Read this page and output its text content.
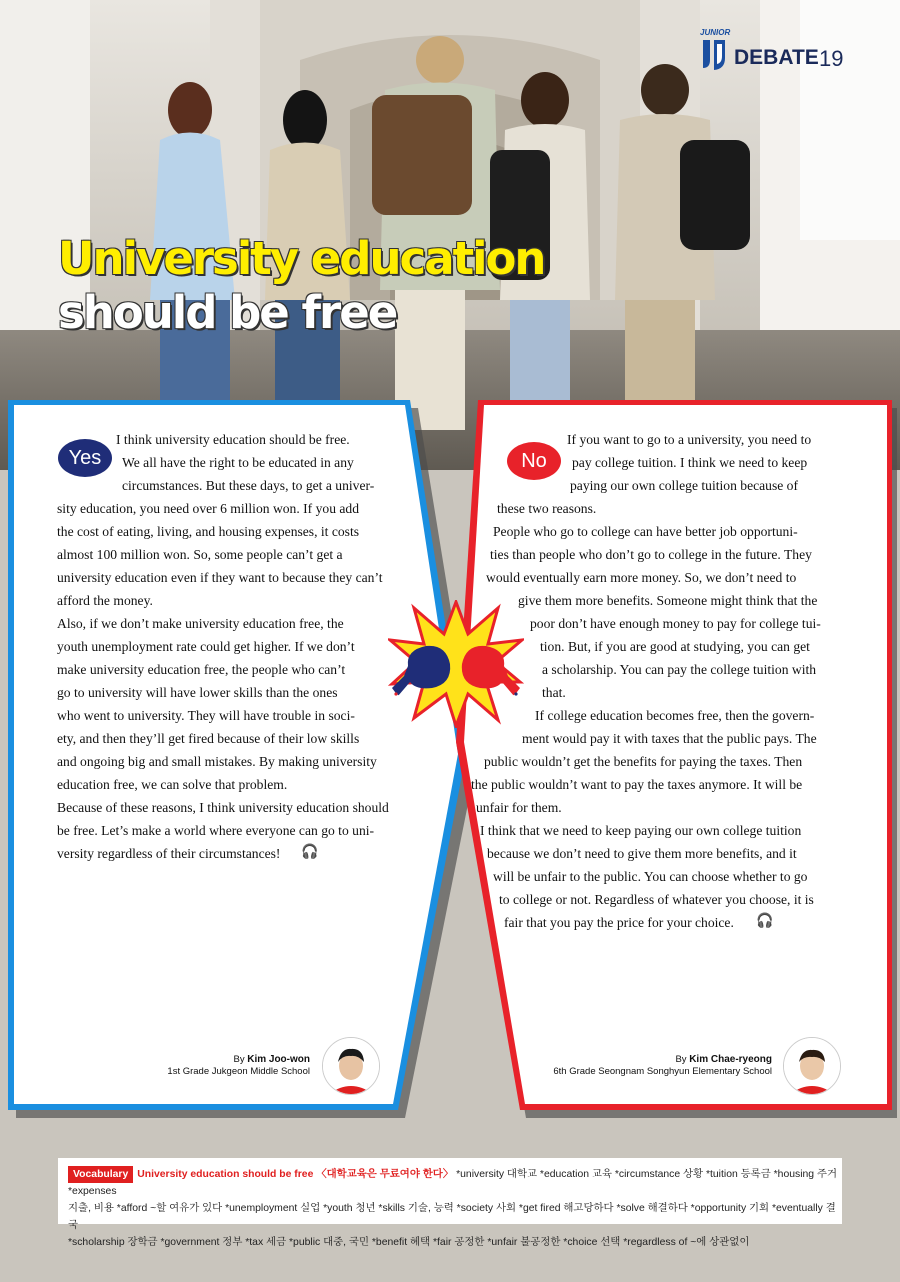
JUNIOR
DEBATE 19
University education
should be free
Yes	No
I think university education should be free.
We all have the right to be educated in any
circumstances. But these days, to get a univer-
sity education, you need over 6 million won. If you add
the cost of eating, living, and housing expenses, it costs
almost 100 million won. So, some people can’t get a
university education even if they want to because they can’t
afford the money.
Also, if we don’t make university education free, the
youth unemployment rate could get higher. If we don’t
make university education free, the people who can’t
go to university will have lower skills than the ones
who went to university. They will have trouble in soci-
ety, and then they’ll get fired because of their low skills
and ongoing big and small mistakes. By making university
education free, we can solve that problem.
Because of these reasons, I think university education should
be free. Let’s make a world where everyone can go to uni-
versity regardless of their circumstances! 🎧
If you want to go to a university, you need to
pay college tuition. I think we need to keep
paying our own college tuition because of
these two reasons.
People who go to college can have better job opportuni-
ties than people who don’t go to college in the future. They
would eventually earn more money. So, we don’t need to
give them more benefits. Someone might think that the
poor don’t have enough money to pay for college tui-
tion. But, if you are good at studying, you can get
a scholarship. You can pay the college tuition with
that.
If college education becomes free, then the govern-
ment would pay it with taxes that the public pays. The
public wouldn’t get the benefits for paying the taxes. Then
the public wouldn’t want to pay the taxes anymore. It will be
unfair for them.
I think that we need to keep paying our own college tuition
because we don’t need to give them more benefits, and it
will be unfair to the public. You can choose whether to go
to college or not. Regardless of whatever you choose, it is
fair that you pay the price for your choice. 🎧
By Kim Joo-won
1st Grade Jukgeon Middle School
By Kim Chae-ryeong
6th Grade Seongnam Songhyun Elementary School
Vocabulary University education should be free 〈대학교육은 무료여야 한다〉 *university 대학교 *education 교육 *circumstance 상황 *tuition 등록금 *housing 주거 *expenses
지출, 비용 *afford ~할 여유가 있다 *unemployment 실업 *youth 청년 *skills 기술, 능력 *society 사회 *get fired 해고당하다 *solve 해결하다 *opportunity 기회 *eventually 결국
*scholarship 장학금 *government 정부 *tax 세금 *public 대중, 국민 *benefit 혜택 *fair 공정한 *unfair 불공정한 *choice 선택 *regardless of ~에 상관없이
